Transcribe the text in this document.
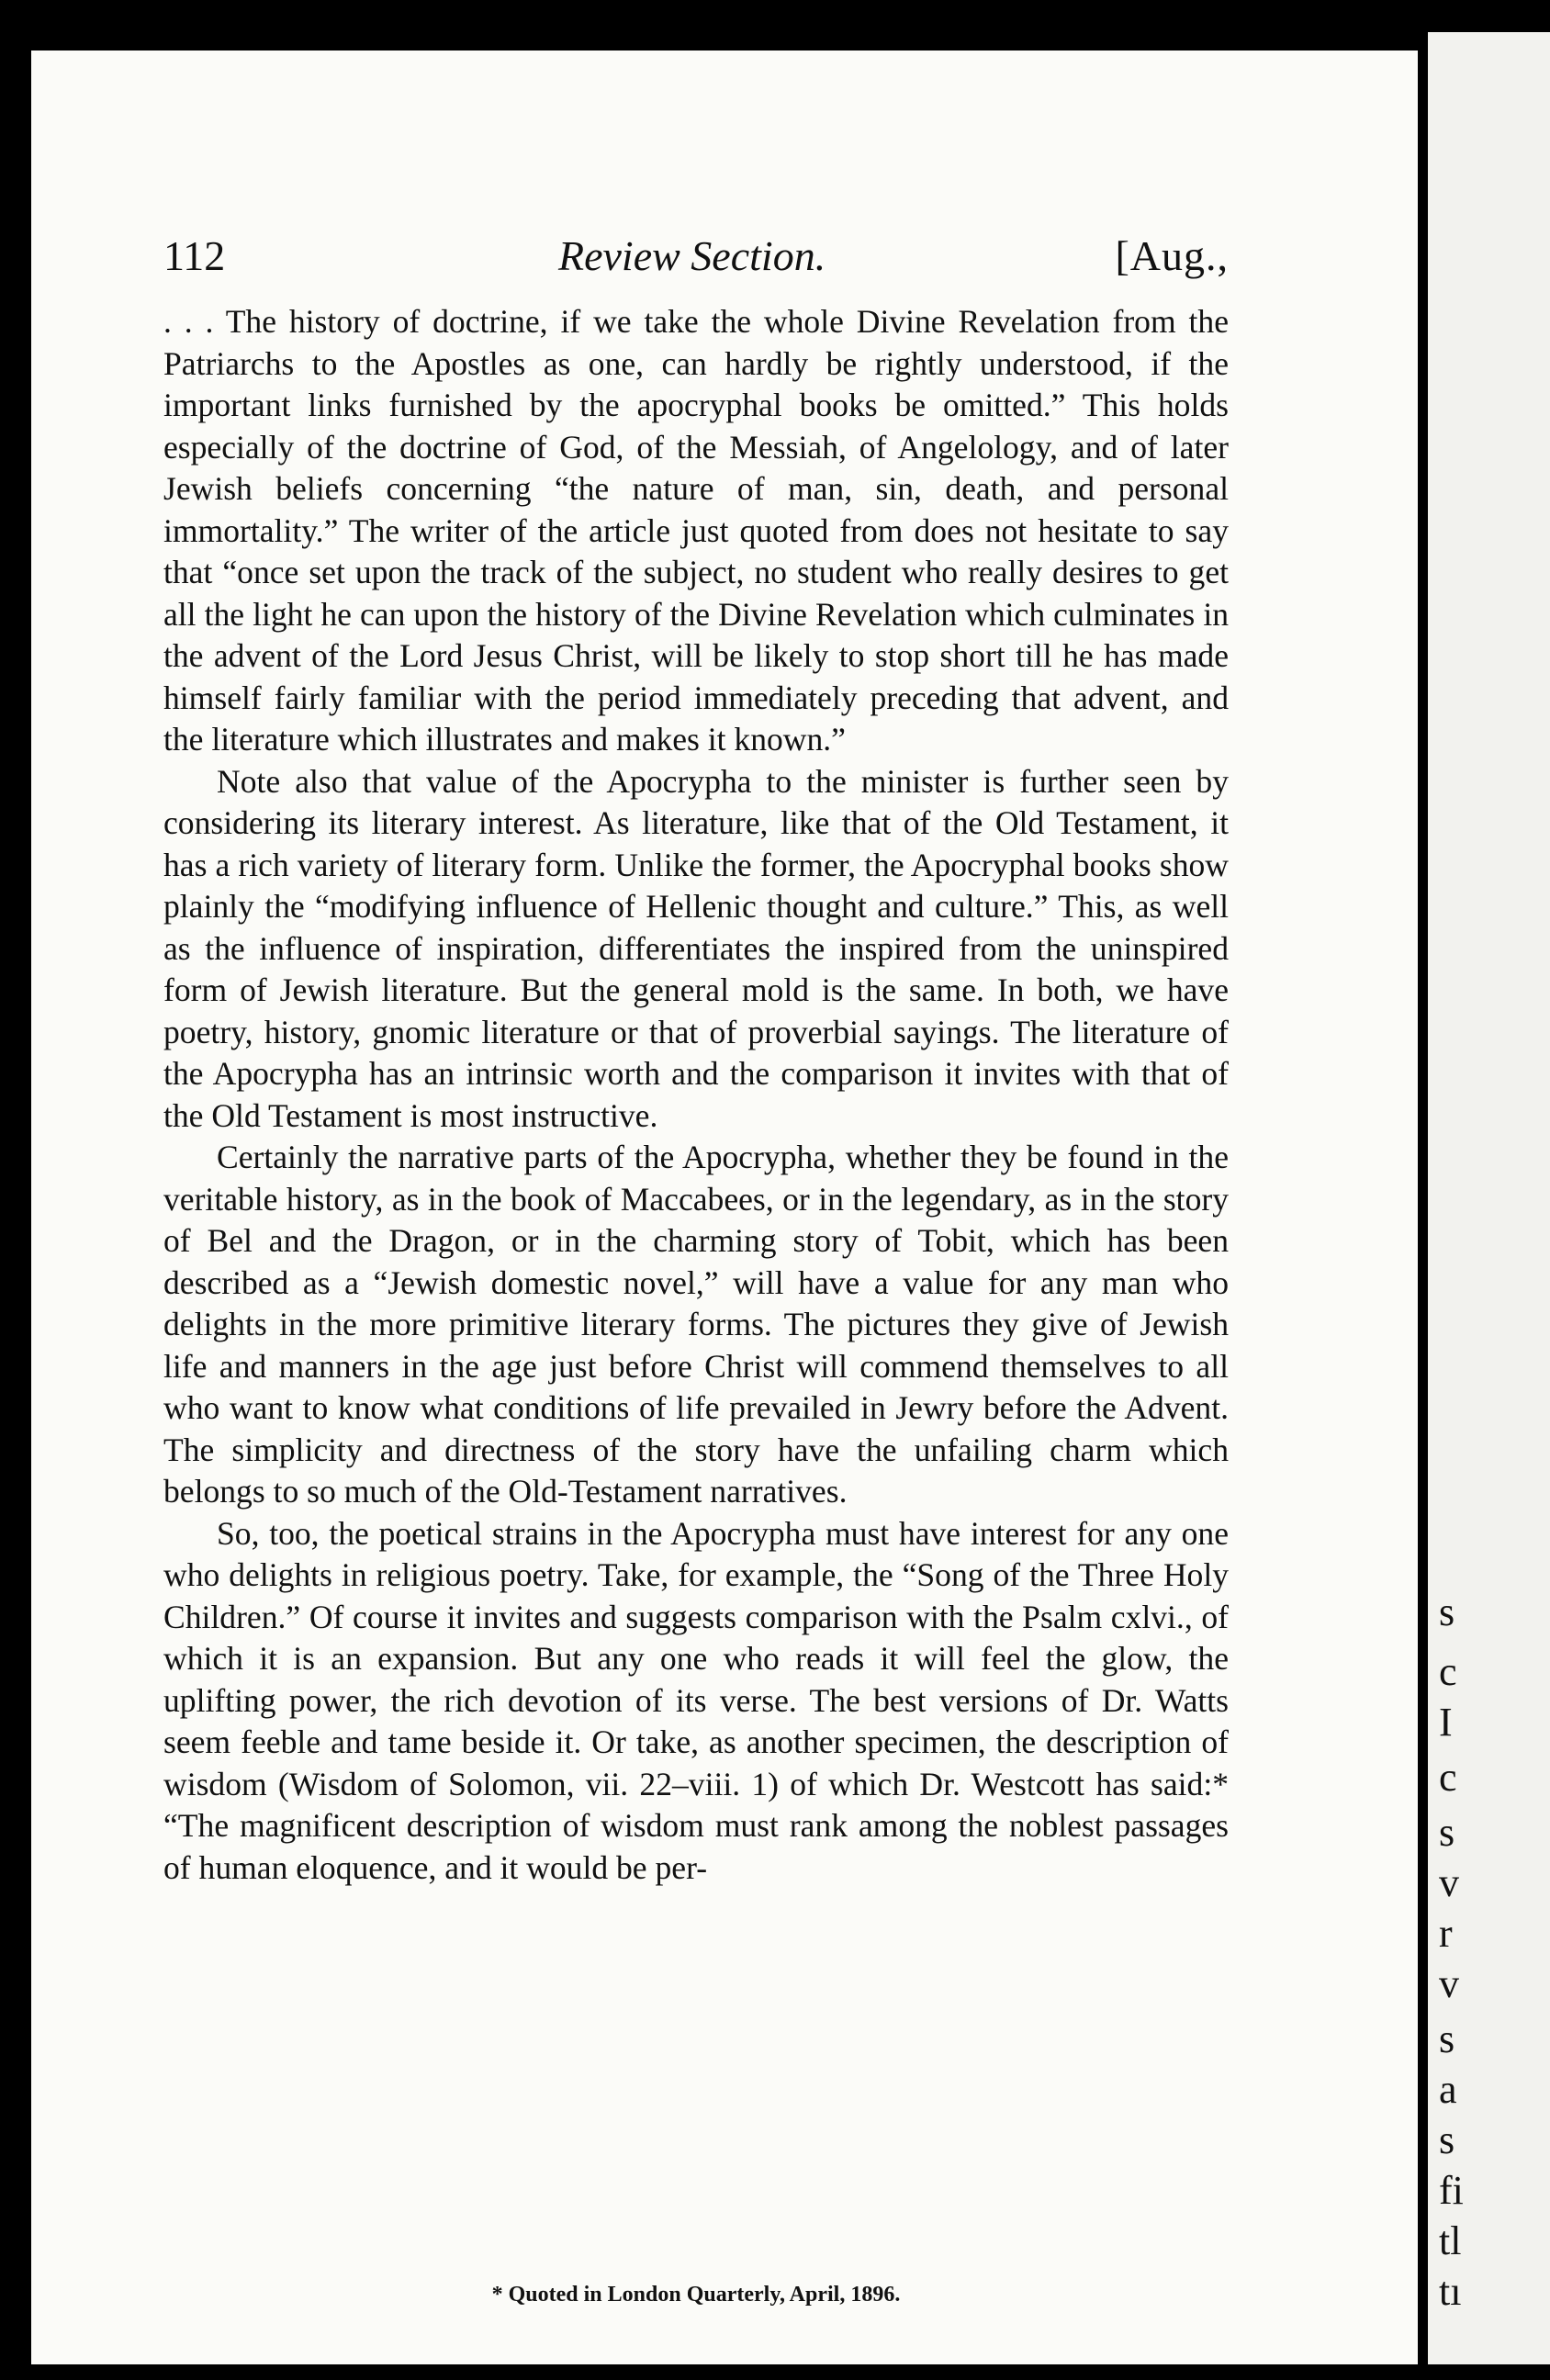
s
c
I
c
s
v
r
v
s
a
s
fi
tl
tı
112	Review Section.	[Aug.,

. . . The history of doctrine, if we take the whole Divine Revelation from the Patriarchs to the Apostles as one, can hardly be rightly understood, if the important links furnished by the apocryphal books be omitted.” This holds especially of the doctrine of God, of the Messiah, of Angelology, and of later Jewish beliefs concerning “the nature of man, sin, death, and personal immortality.” The writer of the article just quoted from does not hesitate to say that “once set upon the track of the subject, no student who really desires to get all the light he can upon the history of the Divine Revelation which culminates in the advent of the Lord Jesus Christ, will be likely to stop short till he has made himself fairly familiar with the period immediately preceding that advent, and the literature which illustrates and makes it known.”

Note also that value of the Apocrypha to the minister is further seen by considering its literary interest. As literature, like that of the Old Testament, it has a rich variety of literary form. Unlike the former, the Apocryphal books show plainly the “modifying influence of Hellenic thought and culture.” This, as well as the influence of inspiration, differentiates the inspired from the uninspired form of Jewish literature. But the general mold is the same. In both, we have poetry, history, gnomic literature or that of proverbial sayings. The literature of the Apocrypha has an intrinsic worth and the comparison it invites with that of the Old Testament is most instructive.

Certainly the narrative parts of the Apocrypha, whether they be found in the veritable history, as in the book of Maccabees, or in the legendary, as in the story of Bel and the Dragon, or in the charming story of Tobit, which has been described as a “Jewish domestic novel,” will have a value for any man who delights in the more primitive literary forms. The pictures they give of Jewish life and manners in the age just before Christ will commend themselves to all who want to know what conditions of life prevailed in Jewry before the Advent. The simplicity and directness of the story have the unfailing charm which belongs to so much of the Old-Testament narratives.

So, too, the poetical strains in the Apocrypha must have interest for any one who delights in religious poetry. Take, for example, the “Song of the Three Holy Children.” Of course it invites and suggests comparison with the Psalm cxlvi., of which it is an expansion. But any one who reads it will feel the glow, the uplifting power, the rich devotion of its verse. The best versions of Dr. Watts seem feeble and tame beside it. Or take, as another specimen, the description of wisdom (Wisdom of Solomon, vii. 22–viii. 1) of which Dr. Westcott has said:* “The magnificent description of wisdom must rank among the noblest passages of human eloquence, and it would be per-

* Quoted in London Quarterly, April, 1896.
